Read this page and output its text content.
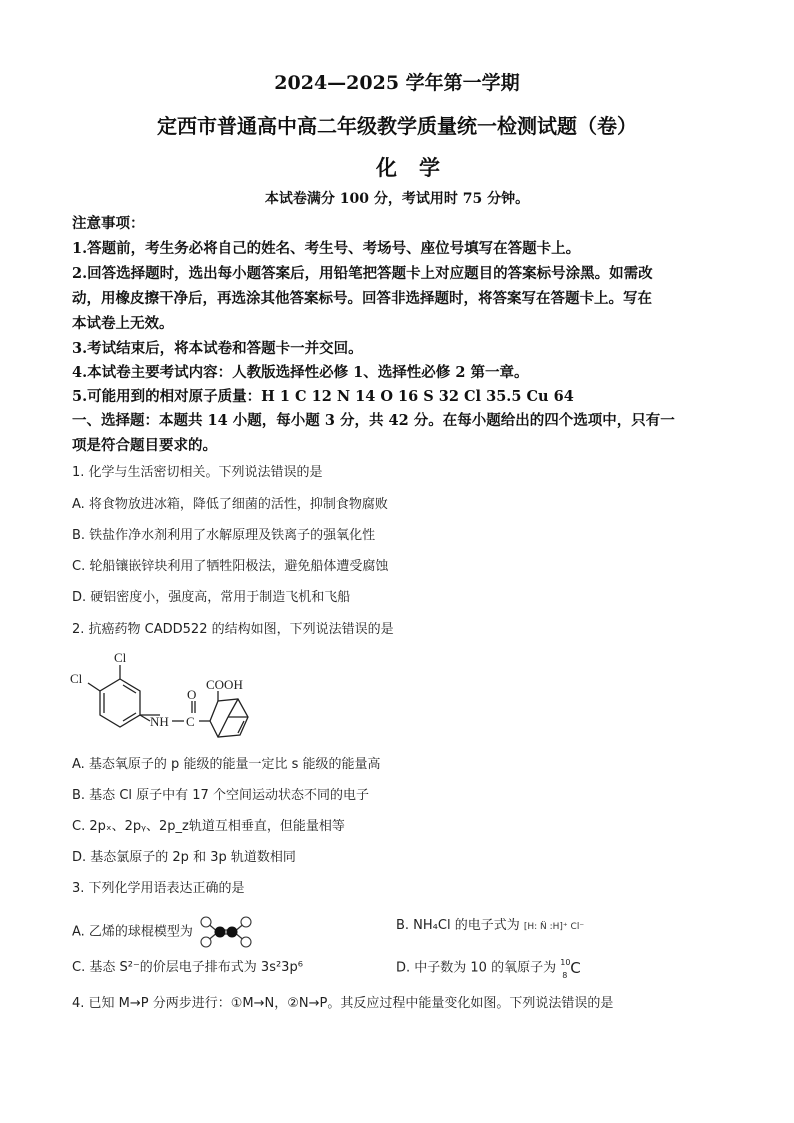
2024—2025 学年第一学期
定西市普通高中高二年级教学质量统一检测试题（卷）
化学
本试卷满分 100 分，考试用时 75 分钟。
注意事项：
1.答题前，考生务必将自己的姓名、考生号、考场号、座位号填写在答题卡上。
2.回答选择题时，选出每小题答案后，用铅笔把答题卡上对应题目的答案标号涂黑。如需改
动，用橡皮擦干净后，再选涂其他答案标号。回答非选择题时，将答案写在答题卡上。写在
本试卷上无效。
3.考试结束后，将本试卷和答题卡一并交回。
4.本试卷主要考试内容：人教版选择性必修 1、选择性必修 2 第一章。
5.可能用到的相对原子质量：H 1 C 12 N 14 O 16 S 32 Cl 35.5 Cu 64
一、选择题：本题共 14 小题，每小题 3 分，共 42 分。在每小题给出的四个选项中，只有一
项是符合题目要求的。
1. 化学与生活密切相关。下列说法错误的是
A. 将食物放进冰箱，降低了细菌的活性，抑制食物腐败
B. 铁盐作净水剂利用了水解原理及铁离子的强氧化性
C. 轮船镶嵌锌块利用了牺牲阳极法，避免船体遭受腐蚀
D. 硬铝密度小，强度高，常用于制造飞机和飞船
2. 抗癌药物 CADD522 的结构如图，下列说法错误的是
Cl
Cl
NH C
O
COOH
A. 基态氧原子的 p 能级的能量一定比 s 能级的能量高
B. 基态 Cl 原子中有 17 个空间运动状态不同的电子
C. 2pₓ、2pᵧ、2p_z轨道互相垂直，但能量相等
D. 基态氯原子的 2p 和 3p 轨道数相同
3. 下列化学用语表达正确的是
A. 乙烯的球棍模型为	B. NH₄Cl 的电子式为 [H: N̈ :H]⁺ Cl⁻
C. 基态 S²⁻的价层电子排布式为 3s²3p⁶	D. 中子数为 10 的氧原子为 10
8 C
4. 已知 M→P 分两步进行：①M→N，②N→P。其反应过程中能量变化如图。下列说法错误的是
